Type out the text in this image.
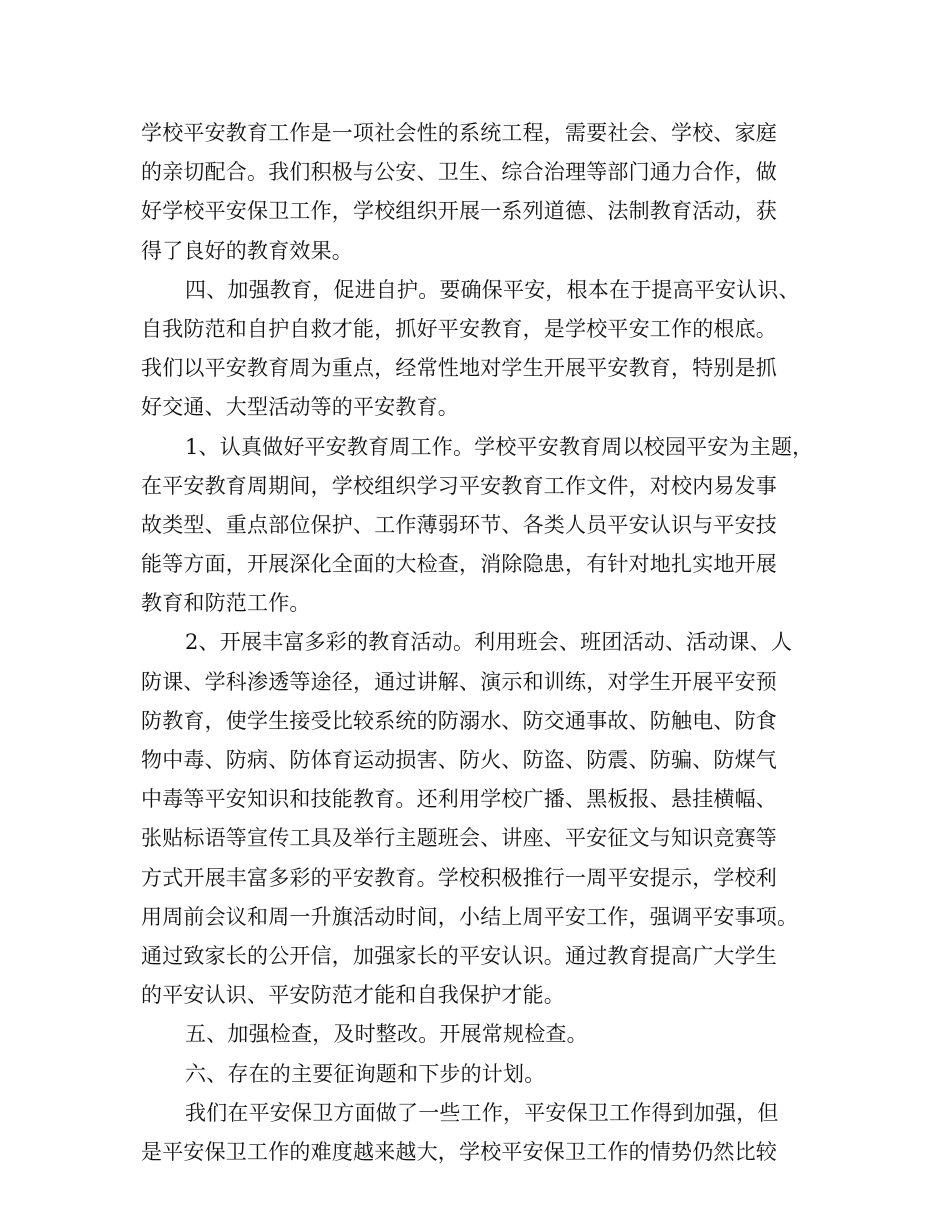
学校平安教育工作是一项社会性的系统工程，需要社会、学校、家庭
的亲切配合。我们积极与公安、卫生、综合治理等部门通力合作，做
好学校平安保卫工作，学校组织开展一系列道德、法制教育活动，获
得了良好的教育效果。
四、加强教育，促进自护。要确保平安，根本在于提高平安认识、
自我防范和自护自救才能，抓好平安教育，是学校平安工作的根底。
我们以平安教育周为重点，经常性地对学生开展平安教育，特别是抓
好交通、大型活动等的平安教育。
1、认真做好平安教育周工作。学校平安教育周以校园平安为主题，
在平安教育周期间，学校组织学习平安教育工作文件，对校内易发事
故类型、重点部位保护、工作薄弱环节、各类人员平安认识与平安技
能等方面，开展深化全面的大检查，消除隐患，有针对地扎实地开展
教育和防范工作。
2、开展丰富多彩的教育活动。利用班会、班团活动、活动课、人
防课、学科渗透等途径，通过讲解、演示和训练，对学生开展平安预
防教育，使学生接受比较系统的防溺水、防交通事故、防触电、防食
物中毒、防病、防体育运动损害、防火、防盗、防震、防骗、防煤气
中毒等平安知识和技能教育。还利用学校广播、黑板报、悬挂横幅、
张贴标语等宣传工具及举行主题班会、讲座、平安征文与知识竞赛等
方式开展丰富多彩的平安教育。学校积极推行一周平安提示，学校利
用周前会议和周一升旗活动时间，小结上周平安工作，强调平安事项。
通过致家长的公开信，加强家长的平安认识。通过教育提高广大学生
的平安认识、平安防范才能和自我保护才能。
五、加强检查，及时整改。开展常规检查。
六、存在的主要征询题和下步的计划。
我们在平安保卫方面做了一些工作，平安保卫工作得到加强，但
是平安保卫工作的难度越来越大，学校平安保卫工作的情势仍然比较
